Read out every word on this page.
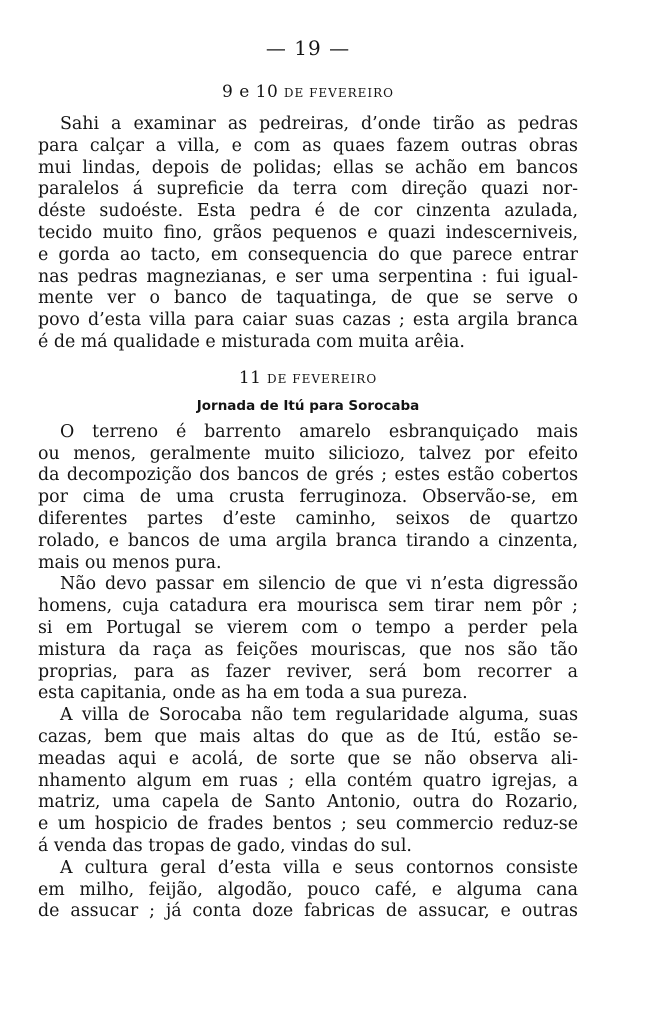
— 19 —

9 e 10 DE FEVEREIRO

Sahi a examinar as pedreiras, d’onde tirão as pedras
para calçar a villa, e com as quaes fazem outras obras
mui lindas, depois de polidas; ellas se achão em bancos
paralelos á supreficie da terra com direção quazi nor-
déste sudoéste. Esta pedra é de cor cinzenta azulada,
tecido muito fino, grãos pequenos e quazi indescerniveis,
e gorda ao tacto, em consequencia do que parece entrar
nas pedras magnezianas, e ser uma serpentina : fui igual-
mente ver o banco de taquatinga, de que se serve o
povo d’esta villa para caiar suas cazas ; esta argila branca
é de má qualidade e misturada com muita arêia.

11 DE FEVEREIRO

Jornada de Itú para Sorocaba

O terreno é barrento amarelo esbranquiçado mais
ou menos, geralmente muito siliciozo, talvez por efeito
da decompozição dos bancos de grés ; estes estão cobertos
por cima de uma crusta ferruginoza. Observão-se, em
diferentes partes d’este caminho, seixos de quartzo
rolado, e bancos de uma argila branca tirando a cinzenta,
mais ou menos pura.
Não devo passar em silencio de que vi n’esta digressão
homens, cuja catadura era mourisca sem tirar nem pôr ;
si em Portugal se vierem com o tempo a perder pela
mistura da raça as feições mouriscas, que nos são tão
proprias, para as fazer reviver, será bom recorrer a
esta capitania, onde as ha em toda a sua pureza.
A villa de Sorocaba não tem regularidade alguma, suas
cazas, bem que mais altas do que as de Itú, estão se-
meadas aqui e acolá, de sorte que se não observa ali-
nhamento algum em ruas ; ella contém quatro igrejas, a
matriz, uma capela de Santo Antonio, outra do Rozario,
e um hospicio de frades bentos ; seu commercio reduz-se
á venda das tropas de gado, vindas do sul.
A cultura geral d’esta villa e seus contornos consiste
em milho, feijão, algodão, pouco café, e alguma cana
de assucar ; já conta doze fabricas de assucar, e outras
